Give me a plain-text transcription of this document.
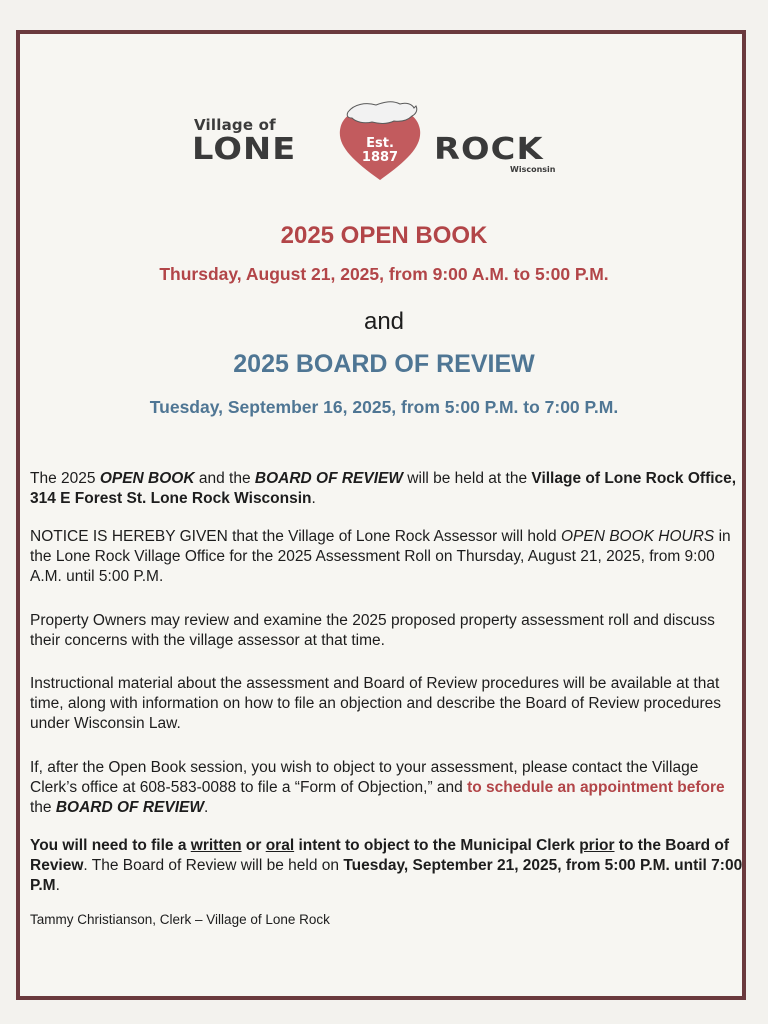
Village of
LONE	Est.
1887	ROCK
Wisconsin
2025 OPEN BOOK
Thursday, August 21, 2025, from 9:00 A.M. to 5:00 P.M.
and
2025 BOARD OF REVIEW
Tuesday, September 16, 2025, from 5:00 P.M. to 7:00 P.M.
The 2025 OPEN BOOK and the BOARD OF REVIEW will be held at the Village of Lone Rock Office, 314 E Forest St. Lone Rock Wisconsin.
NOTICE IS HEREBY GIVEN that the Village of Lone Rock Assessor will hold OPEN BOOK HOURS in the Lone Rock Village Office for the 2025 Assessment Roll on Thursday, August 21, 2025, from 9:00 A.M. until 5:00 P.M.
Property Owners may review and examine the 2025 proposed property assessment roll and discuss their concerns with the village assessor at that time.
Instructional material about the assessment and Board of Review procedures will be available at that time, along with information on how to file an objection and describe the Board of Review procedures under Wisconsin Law.
If, after the Open Book session, you wish to object to your assessment, please contact the Village Clerk’s office at 608-583-0088 to file a “Form of Objection,” and to schedule an appointment before the BOARD OF REVIEW.
You will need to file a written or oral intent to object to the Municipal Clerk prior to the Board of Review. The Board of Review will be held on Tuesday, September 21, 2025, from 5:00 P.M. until 7:00 P.M.
Tammy Christianson, Clerk – Village of Lone Rock
